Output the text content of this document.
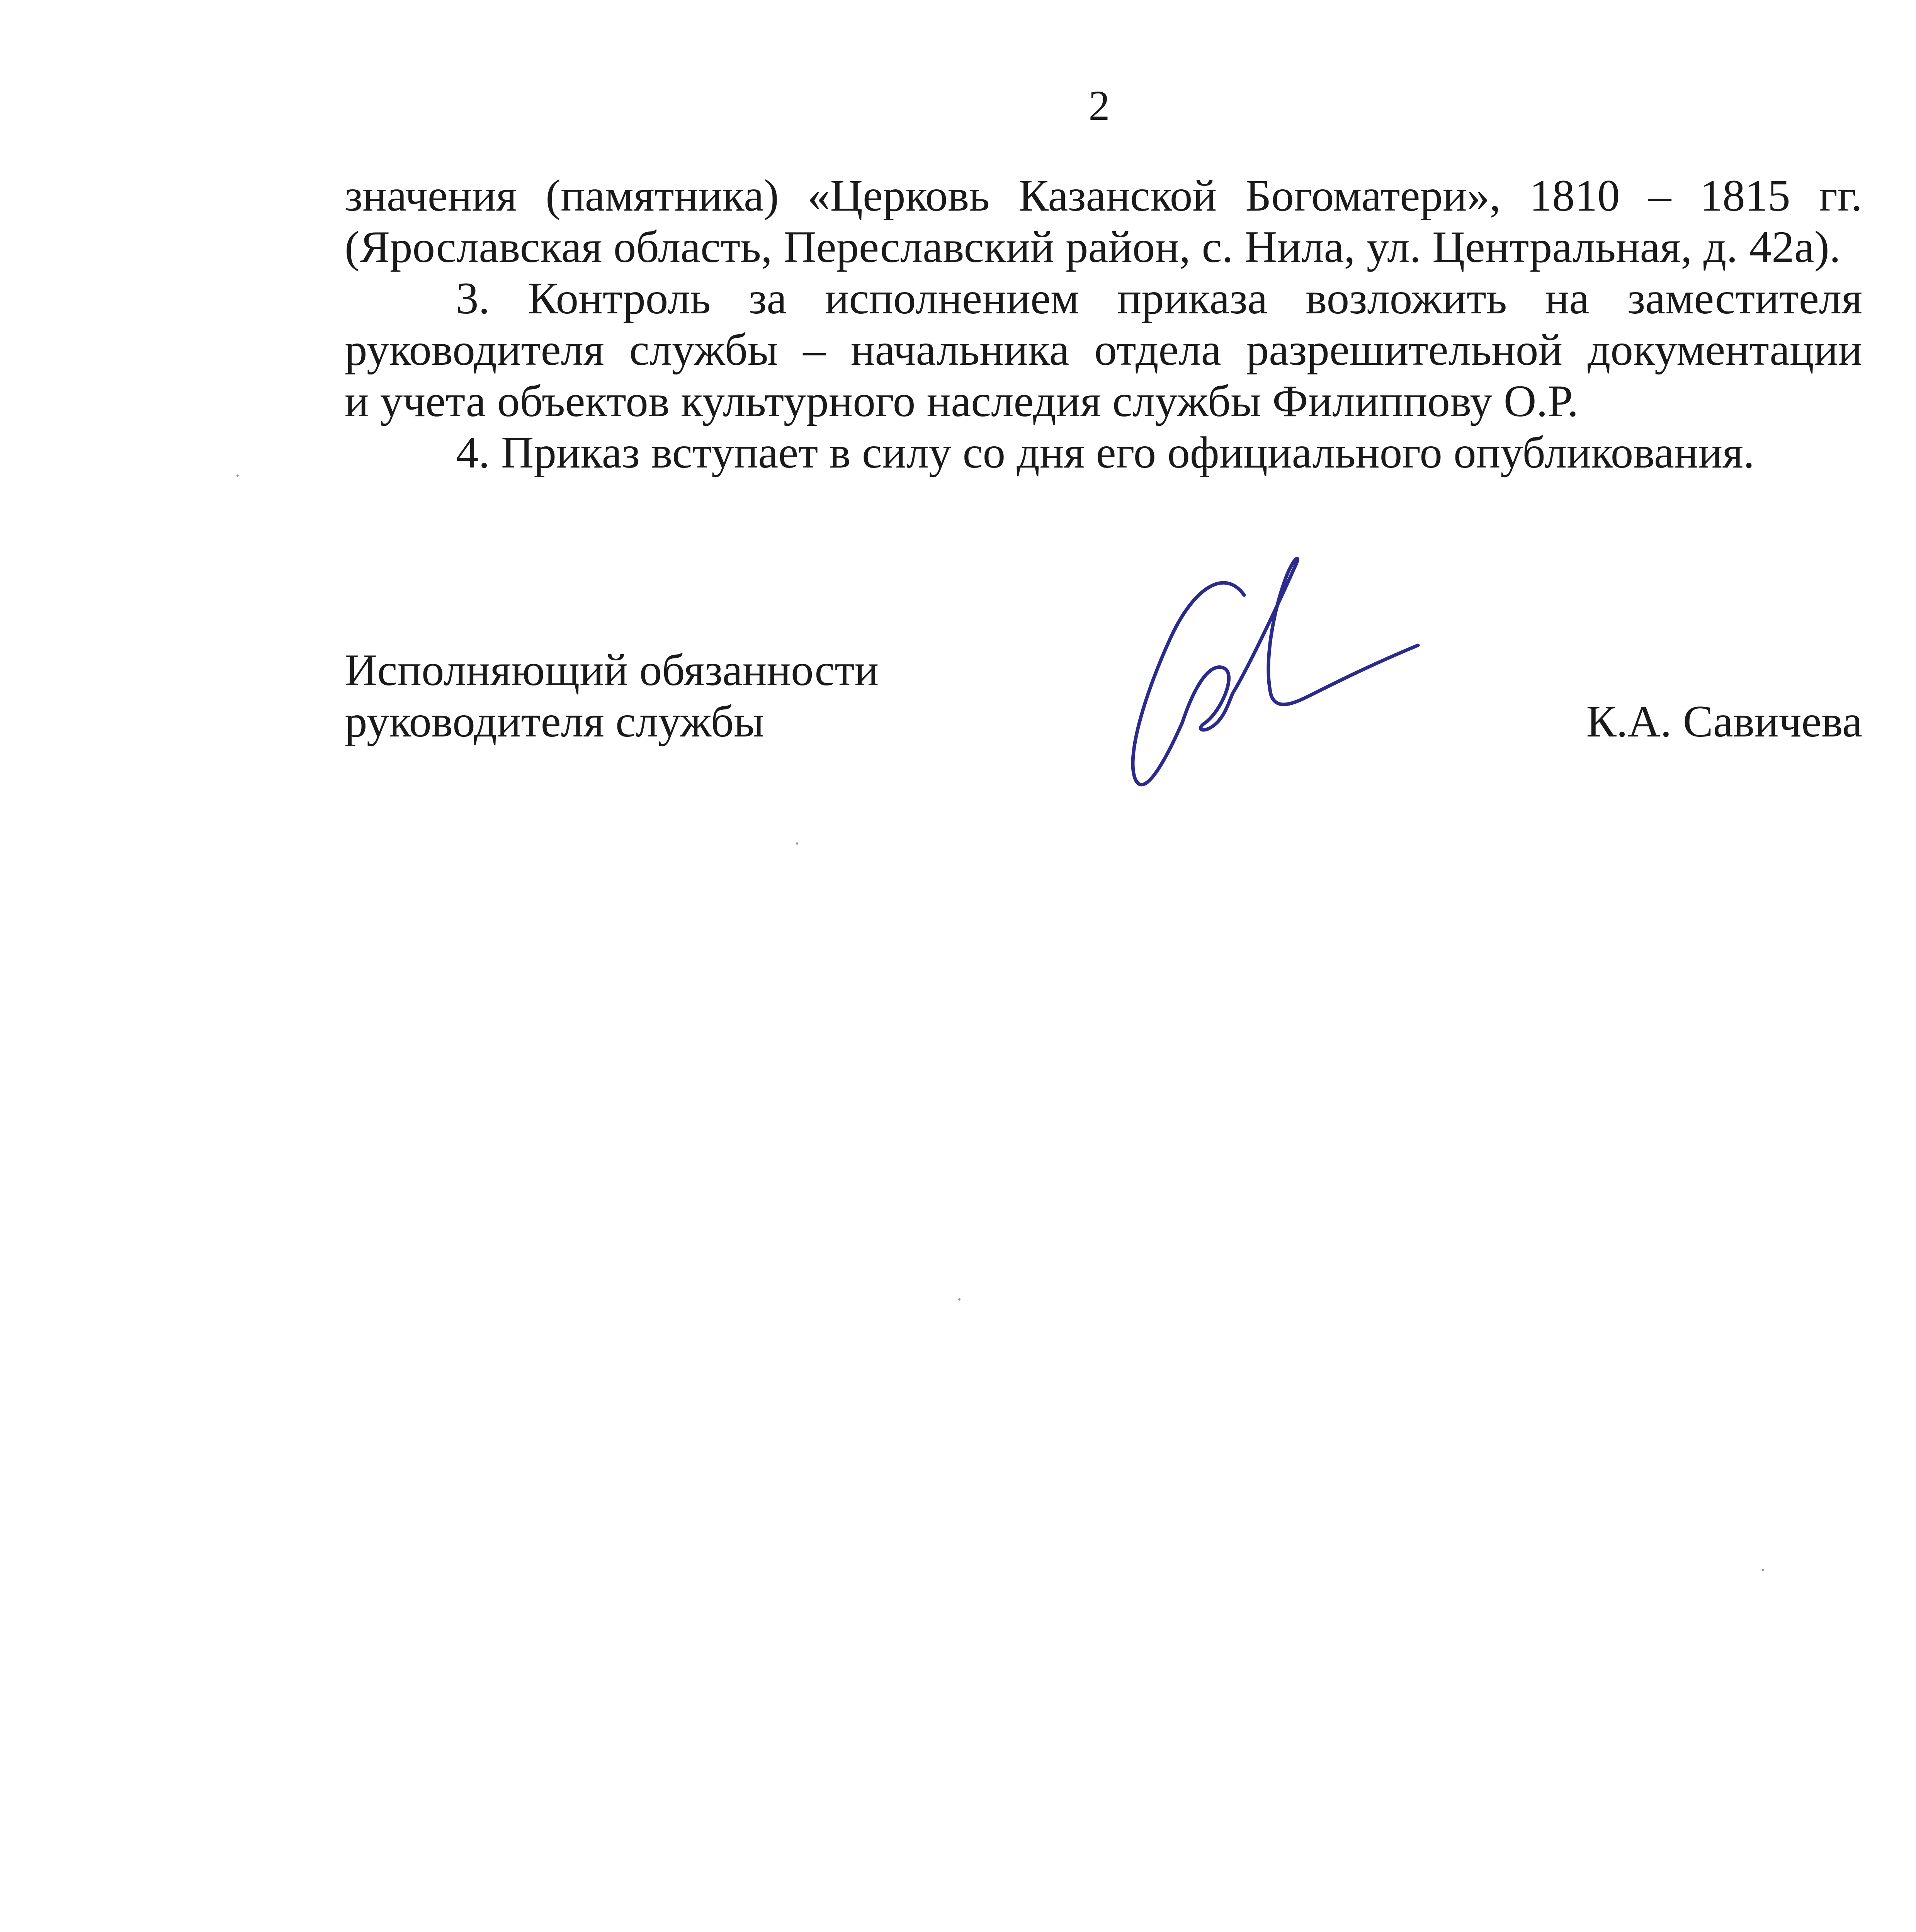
2

значения (памятника) «Церковь Казанской Богоматери», 1810 – 1815 гг.

(Ярославская область, Переславский район, с. Нила, ул. Центральная, д. 42а).

3. Контроль за исполнением приказа возложить на заместителя

руководителя службы – начальника отдела разрешительной документации

и учета объектов культурного наследия службы Филиппову О.Р.

4. Приказ вступает в силу со дня его официального опубликования.

Исполняющий обязанности
руководителя службы	К.А. Савичева
